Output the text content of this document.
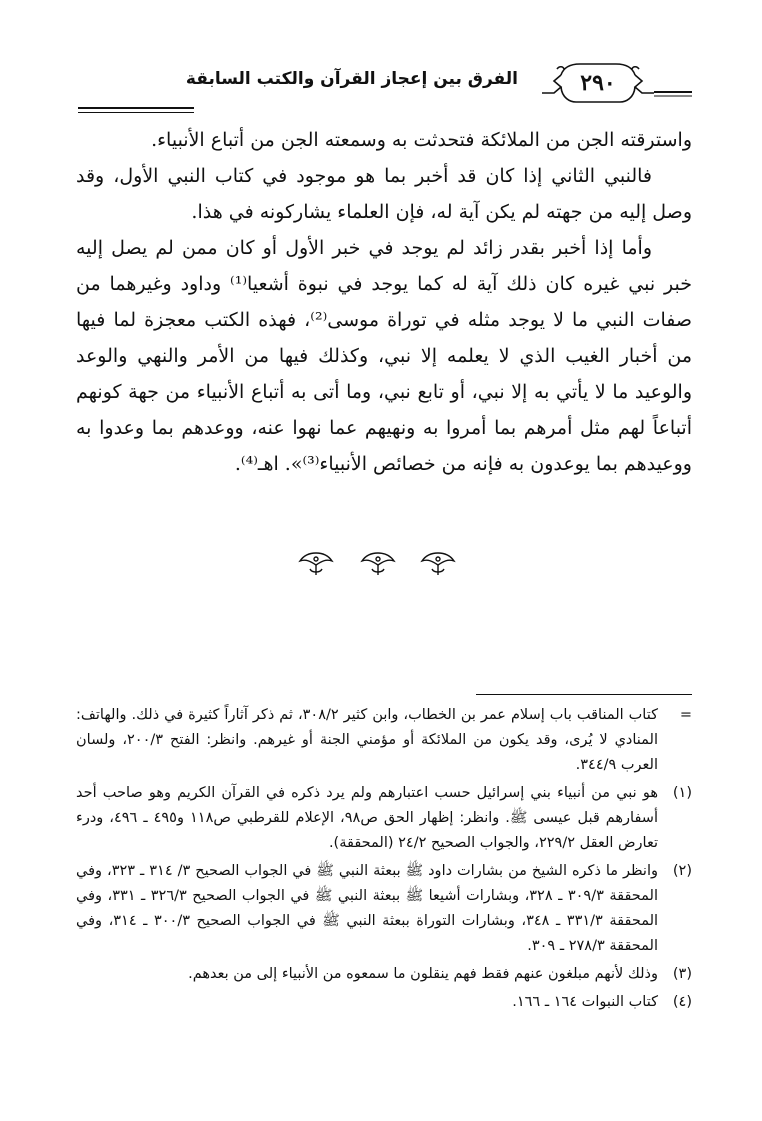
الفرق بين إعجاز القرآن والكتب السابقة	٢٩٠

واسترقته الجن من الملائكة فتحدثت به وسمعته الجن من أتباع الأنبياء.

فالنبي الثاني إذا كان قد أخبر بما هو موجود في كتاب النبي الأول، وقد وصل إليه من جهته لم يكن آية له، فإن العلماء يشاركونه في هذا.

وأما إذا أخبر بقدر زائد لم يوجد في خبر الأول أو كان ممن لم يصل إليه خبر نبي غيره كان ذلك آية له كما يوجد في نبوة أشعيا⁽¹⁾ وداود وغيرهما من صفات النبي ما لا يوجد مثله في توراة موسى⁽²⁾، فهذه الكتب معجزة لما فيها من أخبار الغيب الذي لا يعلمه إلا نبي، وكذلك فيها من الأمر والنهي والوعد والوعيد ما لا يأتي به إلا نبي، أو تابع نبي، وما أتى به أتباع الأنبياء من جهة كونهم أتباعاً لهم مثل أمرهم بما أمروا به ونهيهم عما نهوا عنه، ووعدهم بما وعدوا به ووعيدهم بما يوعدون به فإنه من خصائص الأنبياء⁽³⁾». اهـ⁽⁴⁾.

=
كتاب المناقب باب إسلام عمر بن الخطاب، وابن كثير ٣٠٨/٢، ثم ذكر آثاراً كثيرة في ذلك. والهاتف: المنادي لا يُرى، وقد يكون من الملائكة أو مؤمني الجنة أو غيرهم. وانظر: الفتح ٢٠٠/٣، ولسان العرب ٣٤٤/٩.
(١)
هو نبي من أنبياء بني إسرائيل حسب اعتبارهم ولم يرد ذكره في القرآن الكريم وهو صاحب أحد أسفارهم قبل عيسى ﷺ. وانظر: إظهار الحق ص٩٨، الإعلام للقرطبي ص١١٨ و٤٩٥ ـ ٤٩٦، ودرء تعارض العقل ٢٢٩/٢، والجواب الصحيح ٢٤/٢ (المحققة).
(٢)
وانظر ما ذكره الشيخ من بشارات داود ﷺ ببعثة النبي ﷺ في الجواب الصحيح ٣/ ٣١٤ ـ ٣٢٣، وفي المحققة ٣٠٩/٣ ـ ٣٢٨، وبشارات أشيعا ﷺ ببعثة النبي ﷺ في الجواب الصحيح ٣٢٦/٣ ـ ٣٣١، وفي المحققة ٣٣١/٣ ـ ٣٤٨، وبشارات التوراة ببعثة النبي ﷺ في الجواب الصحيح ٣٠٠/٣ ـ ٣١٤، وفي المحققة ٢٧٨/٣ ـ ٣٠٩.
(٣)
وذلك لأنهم مبلغون عنهم فقط فهم ينقلون ما سمعوه من الأنبياء إلى من بعدهم.
(٤)
كتاب النبوات ١٦٤ ـ ١٦٦.
